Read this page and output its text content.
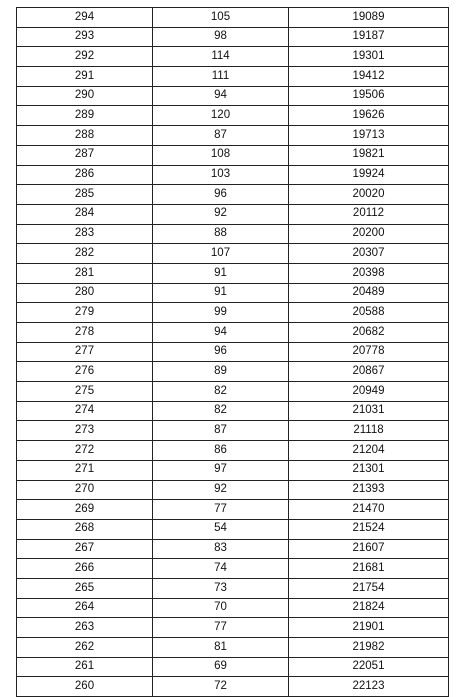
294	105	19089
293	98	19187
292	114	19301
291	111	19412
290	94	19506
289	120	19626
288	87	19713
287	108	19821
286	103	19924
285	96	20020
284	92	20112
283	88	20200
282	107	20307
281	91	20398
280	91	20489
279	99	20588
278	94	20682
277	96	20778
276	89	20867
275	82	20949
274	82	21031
273	87	21118
272	86	21204
271	97	21301
270	92	21393
269	77	21470
268	54	21524
267	83	21607
266	74	21681
265	73	21754
264	70	21824
263	77	21901
262	81	21982
261	69	22051
260	72	22123
